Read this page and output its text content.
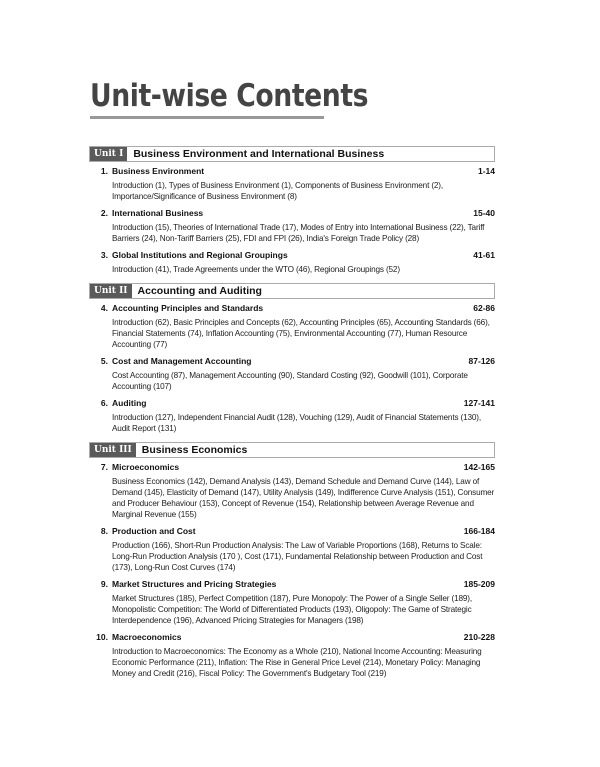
Unit-wise Contents
Unit I Business Environment and International Business
1. Business Environment	1-14
Introduction (1), Types of Business Environment (1), Components of Business Environment (2), Importance/Significance of Business Environment (8)
2. International Business	15-40
Introduction (15), Theories of International Trade (17), Modes of Entry into International Business (22), Tariff Barriers (24), Non-Tariff Barriers (25), FDI and FPI (26), India's Foreign Trade Policy (28)
3. Global Institutions and Regional Groupings	41-61
Introduction (41), Trade Agreements under the WTO (46), Regional Groupings (52)
Unit II Accounting and Auditing
4. Accounting Principles and Standards	62-86
Introduction (62), Basic Principles and Concepts (62), Accounting Principles (65), Accounting Standards (66), Financial Statements (74), Inflation Accounting (75), Environmental Accounting (77), Human Resource Accounting (77)
5. Cost and Management Accounting	87-126
Cost Accounting (87), Management Accounting (90), Standard Costing (92), Goodwill (101), Corporate Accounting (107)
6. Auditing	127-141
Introduction (127), Independent Financial Audit (128), Vouching (129), Audit of Financial Statements (130), Audit Report (131)
Unit III Business Economics
7. Microeconomics	142-165
Business Economics (142), Demand Analysis (143), Demand Schedule and Demand Curve (144), Law of Demand (145), Elasticity of Demand (147), Utility Analysis (149), Indifference Curve Analysis (151), Consumer and Producer Behaviour (153), Concept of Revenue (154), Relationship between Average Revenue and Marginal Revenue (155)
8. Production and Cost	166-184
Production (166), Short-Run Production Analysis: The Law of Variable Proportions (168), Returns to Scale: Long-Run Production Analysis (170 ), Cost (171), Fundamental Relationship between Production and Cost (173), Long-Run Cost Curves (174)
9. Market Structures and Pricing Strategies	185-209
Market Structures (185), Perfect Competition (187), Pure Monopoly: The Power of a Single Seller (189), Monopolistic Competition: The World of Differentiated Products (193), Oligopoly: The Game of Strategic Interdependence (196), Advanced Pricing Strategies for Managers (198)
10. Macroeconomics	210-228
Introduction to Macroeconomics: The Economy as a Whole (210), National Income Accounting: Measuring Economic Performance (211), Inflation: The Rise in General Price Level (214), Monetary Policy: Managing Money and Credit (216), Fiscal Policy: The Government's Budgetary Tool (219)
